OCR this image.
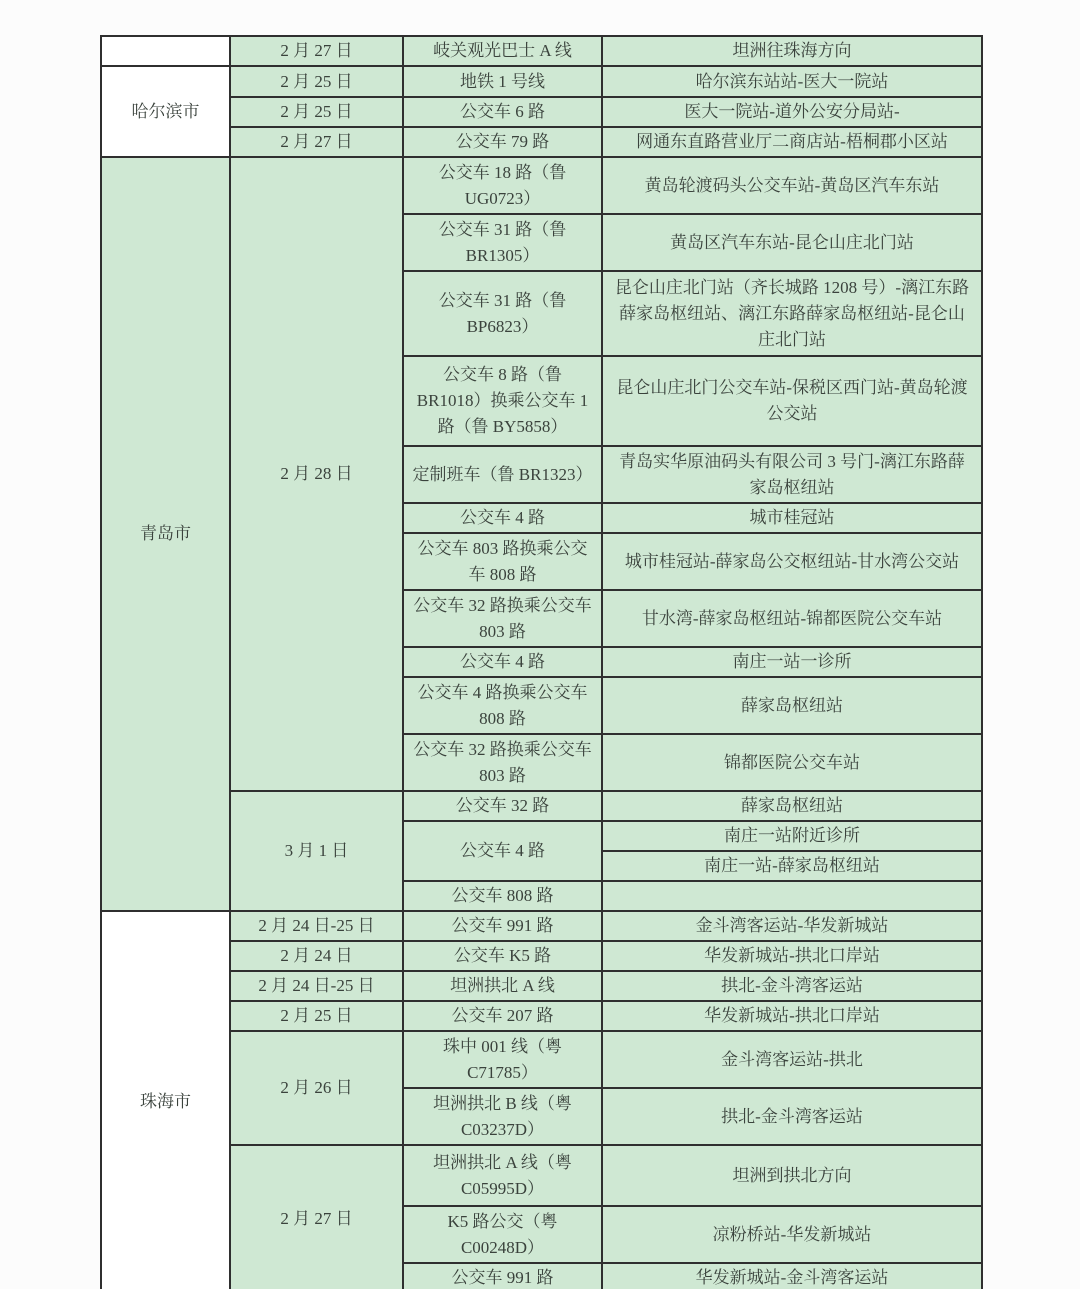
	2 月 27 日	岐关观光巴士 A 线	坦洲往珠海方向
哈尔滨市	2 月 25 日	地铁 1 号线	哈尔滨东站站-医大一院站
	2 月 25 日	公交车 6 路	医大一院站-道外公安分局站-
	2 月 27 日	公交车 79 路	网通东直路营业厅二商店站-梧桐郡小区站
青岛市	2 月 28 日	公交车 18 路（鲁 UG0723）	黄岛轮渡码头公交车站-黄岛区汽车东站
		公交车 31 路（鲁 BR1305）	黄岛区汽车东站-昆仑山庄北门站
		公交车 31 路（鲁 BP6823）	昆仑山庄北门站（齐长城路 1208 号）-漓江东路薛家岛枢纽站、漓江东路薛家岛枢纽站-昆仑山庄北门站
		公交车 8 路（鲁 BR1018）换乘公交车 1 路（鲁 BY5858）	昆仑山庄北门公交车站-保税区西门站-黄岛轮渡公交站
		定制班车（鲁 BR1323）	青岛实华原油码头有限公司 3 号门-漓江东路薛家岛枢纽站
		公交车 4 路	城市桂冠站
		公交车 803 路换乘公交车 808 路	城市桂冠站-薛家岛公交枢纽站-甘水湾公交站
		公交车 32 路换乘公交车 803 路	甘水湾-薛家岛枢纽站-锦都医院公交车站
		公交车 4 路	南庄一站一诊所
		公交车 4 路换乘公交车 808 路	薛家岛枢纽站
		公交车 32 路换乘公交车 803 路	锦都医院公交车站
	3 月 1 日	公交车 32 路	薛家岛枢纽站
		公交车 4 路	南庄一站附近诊所
			南庄一站-薛家岛枢纽站
		公交车 808 路	
珠海市	2 月 24 日-25 日	公交车 991 路	金斗湾客运站-华发新城站
	2 月 24 日	公交车 K5 路	华发新城站-拱北口岸站
	2 月 24 日-25 日	坦洲拱北 A 线	拱北-金斗湾客运站
	2 月 25 日	公交车 207 路	华发新城站-拱北口岸站
	2 月 26 日	珠中 001 线（粤 C71785）	金斗湾客运站-拱北
		坦洲拱北 B 线（粤 C03237D）	拱北-金斗湾客运站
	2 月 27 日	坦洲拱北 A 线（粤 C05995D）	坦洲到拱北方向
		K5 路公交（粤 C00248D）	凉粉桥站-华发新城站
		公交车 991 路	华发新城站-金斗湾客运站
